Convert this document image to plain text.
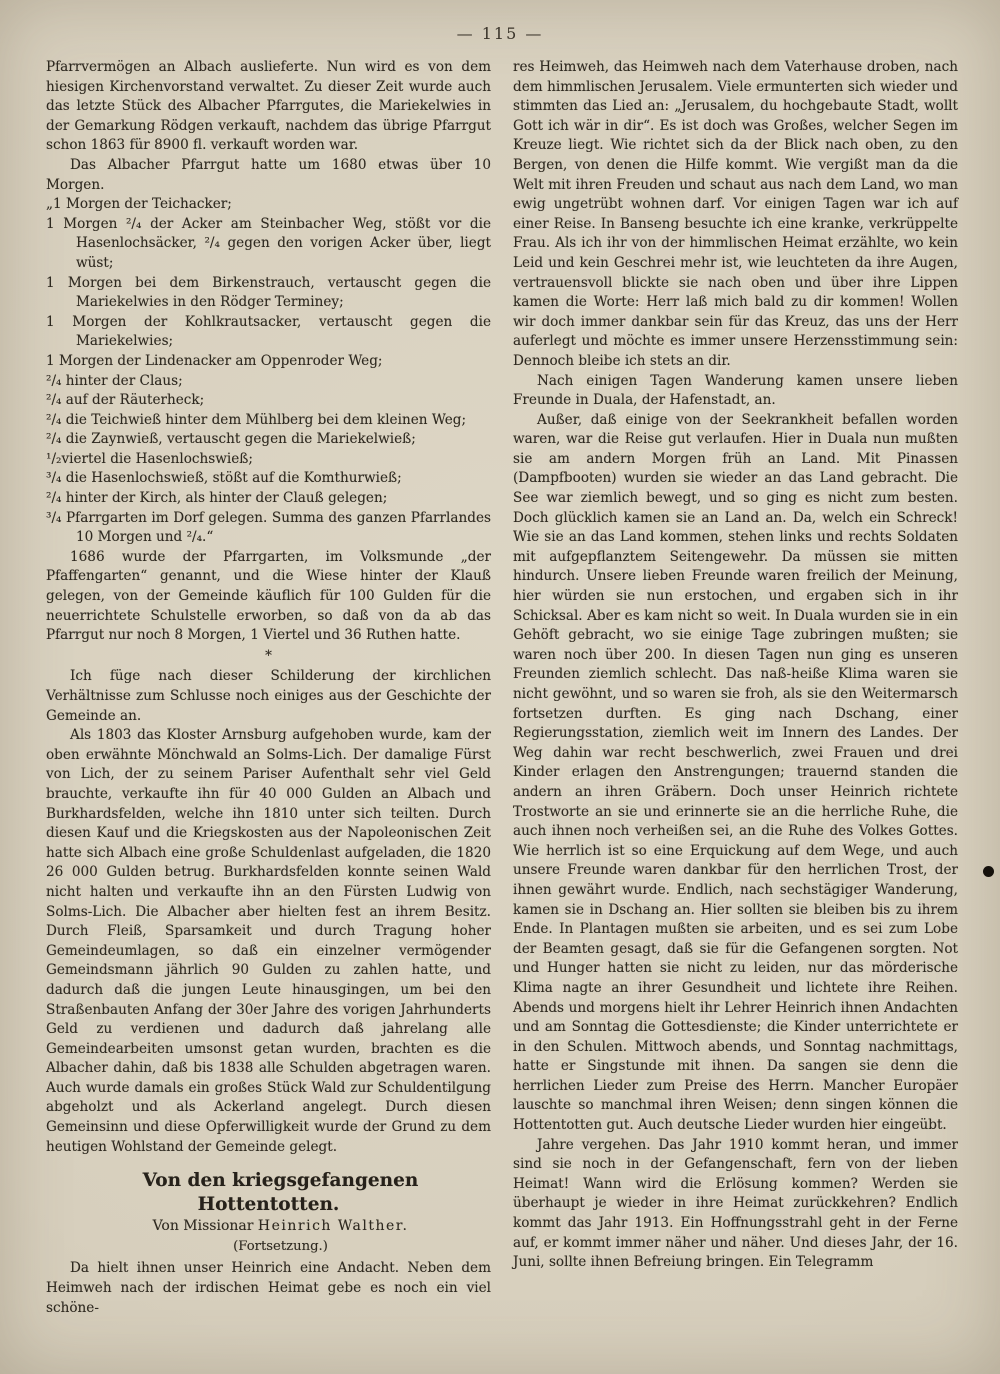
— 115 —

Pfarrvermögen an Albach auslieferte. Nun wird es von dem hiesigen Kirchenvorstand verwaltet. Zu dieser Zeit wurde auch das letzte Stück des Albacher Pfarrgutes, die Mariekelwies in der Gemarkung Rödgen verkauft, nachdem das übrige Pfarrgut schon 1863 für 8900 fl. verkauft worden war.

Das Albacher Pfarrgut hatte um 1680 etwas über 10 Morgen.

„1 Morgen der Teichacker;
1 Morgen ²/₄ der Acker am Steinbacher Weg, stößt vor die Hasenlochsäcker, ²/₄ gegen den vorigen Acker über, liegt wüst;
1 Morgen bei dem Birkenstrauch, vertauscht gegen die Mariekelwies in den Rödger Terminey;
1 Morgen der Kohlkrautsacker, vertauscht gegen die Mariekelwies;
1 Morgen der Lindenacker am Oppenroder Weg;
²/₄ hinter der Claus;
²/₄ auf der Räuterheck;
²/₄ die Teichwieß hinter dem Mühlberg bei dem kleinen Weg;
²/₄ die Zaynwieß, vertauscht gegen die Mariekelwieß;
¹/₂viertel die Hasenlochswieß;
³/₄ die Hasenlochswieß, stößt auf die Komthurwieß;
²/₄ hinter der Kirch, als hinter der Clauß gelegen;
³/₄ Pfarrgarten im Dorf gelegen. Summa des ganzen Pfarrlandes 10 Morgen und ²/₄.“

1686 wurde der Pfarrgarten, im Volksmunde „der Pfaffengarten“ genannt, und die Wiese hinter der Klauß gelegen, von der Gemeinde käuflich für 100 Gulden für die neuerrichtete Schulstelle erworben, so daß von da ab das Pfarrgut nur noch 8 Morgen, 1 Viertel und 36 Ruthen hatte.

*

Ich füge nach dieser Schilderung der kirchlichen Verhältnisse zum Schlusse noch einiges aus der Geschichte der Gemeinde an.

Als 1803 das Kloster Arnsburg aufgehoben wurde, kam der oben erwähnte Mönchwald an Solms-Lich. Der damalige Fürst von Lich, der zu seinem Pariser Aufenthalt sehr viel Geld brauchte, verkaufte ihn für 40 000 Gulden an Albach und Burkhardsfelden, welche ihn 1810 unter sich teilten. Durch diesen Kauf und die Kriegskosten aus der Napoleonischen Zeit hatte sich Albach eine große Schuldenlast aufgeladen, die 1820 26 000 Gulden betrug. Burkhardsfelden konnte seinen Wald nicht halten und verkaufte ihn an den Fürsten Ludwig von Solms-Lich. Die Albacher aber hielten fest an ihrem Besitz. Durch Fleiß, Sparsamkeit und durch Tragung hoher Gemeindeumlagen, so daß ein einzelner vermögender Gemeindsmann jährlich 90 Gulden zu zahlen hatte, und dadurch daß die jungen Leute hinausgingen, um bei den Straßenbauten Anfang der 30er Jahre des vorigen Jahrhunderts Geld zu verdienen und dadurch daß jahrelang alle Gemeindearbeiten umsonst getan wurden, brachten es die Albacher dahin, daß bis 1838 alle Schulden abgetragen waren. Auch wurde damals ein großes Stück Wald zur Schuldentilgung abgeholzt und als Ackerland angelegt. Durch diesen Gemeinsinn und diese Opferwilligkeit wurde der Grund zu dem heutigen Wohlstand der Gemeinde gelegt.

Von den kriegsgefangenen Hottentotten.

Von Missionar Heinrich Walther.

(Fortsetzung.)

Da hielt ihnen unser Heinrich eine Andacht. Neben dem Heimweh nach der irdischen Heimat gebe es noch ein viel schöne-

res Heimweh, das Heimweh nach dem Vaterhause droben, nach dem himmlischen Jerusalem. Viele ermunterten sich wieder und stimmten das Lied an: „Jerusalem, du hochgebaute Stadt, wollt Gott ich wär in dir“. Es ist doch was Großes, welcher Segen im Kreuze liegt. Wie richtet sich da der Blick nach oben, zu den Bergen, von denen die Hilfe kommt. Wie vergißt man da die Welt mit ihren Freuden und schaut aus nach dem Land, wo man ewig ungetrübt wohnen darf. Vor einigen Tagen war ich auf einer Reise. In Banseng besuchte ich eine kranke, verkrüppelte Frau. Als ich ihr von der himmlischen Heimat erzählte, wo kein Leid und kein Geschrei mehr ist, wie leuchteten da ihre Augen, vertrauensvoll blickte sie nach oben und über ihre Lippen kamen die Worte: Herr laß mich bald zu dir kommen! Wollen wir doch immer dankbar sein für das Kreuz, das uns der Herr auferlegt und möchte es immer unsere Herzensstimmung sein: Dennoch bleibe ich stets an dir.

Nach einigen Tagen Wanderung kamen unsere lieben Freunde in Duala, der Hafenstadt, an.

Außer, daß einige von der Seekrankheit befallen worden waren, war die Reise gut verlaufen. Hier in Duala nun mußten sie am andern Morgen früh an Land. Mit Pinassen (Dampfbooten) wurden sie wieder an das Land gebracht. Die See war ziemlich bewegt, und so ging es nicht zum besten. Doch glücklich kamen sie an Land an. Da, welch ein Schreck! Wie sie an das Land kommen, stehen links und rechts Soldaten mit aufgepflanztem Seitengewehr. Da müssen sie mitten hindurch. Unsere lieben Freunde waren freilich der Meinung, hier würden sie nun erstochen, und ergaben sich in ihr Schicksal. Aber es kam nicht so weit. In Duala wurden sie in ein Gehöft gebracht, wo sie einige Tage zubringen mußten; sie waren noch über 200. In diesen Tagen nun ging es unseren Freunden ziemlich schlecht. Das naß-heiße Klima waren sie nicht gewöhnt, und so waren sie froh, als sie den Weitermarsch fortsetzen durften. Es ging nach Dschang, einer Regierungsstation, ziemlich weit im Innern des Landes. Der Weg dahin war recht beschwerlich, zwei Frauen und drei Kinder erlagen den Anstrengungen; trauernd standen die andern an ihren Gräbern. Doch unser Heinrich richtete Trostworte an sie und erinnerte sie an die herrliche Ruhe, die auch ihnen noch verheißen sei, an die Ruhe des Volkes Gottes. Wie herrlich ist so eine Erquickung auf dem Wege, und auch unsere Freunde waren dankbar für den herrlichen Trost, der ihnen gewährt wurde. Endlich, nach sechstägiger Wanderung, kamen sie in Dschang an. Hier sollten sie bleiben bis zu ihrem Ende. In Plantagen mußten sie arbeiten, und es sei zum Lobe der Beamten gesagt, daß sie für die Gefangenen sorgten. Not und Hunger hatten sie nicht zu leiden, nur das mörderische Klima nagte an ihrer Gesundheit und lichtete ihre Reihen. Abends und morgens hielt ihr Lehrer Heinrich ihnen Andachten und am Sonntag die Gottesdienste; die Kinder unterrichtete er in den Schulen. Mittwoch abends, und Sonntag nachmittags, hatte er Singstunde mit ihnen. Da sangen sie denn die herrlichen Lieder zum Preise des Herrn. Mancher Europäer lauschte so manchmal ihren Weisen; denn singen können die Hottentotten gut. Auch deutsche Lieder wurden hier eingeübt.

Jahre vergehen. Das Jahr 1910 kommt heran, und immer sind sie noch in der Gefangenschaft, fern von der lieben Heimat! Wann wird die Erlösung kommen? Werden sie überhaupt je wieder in ihre Heimat zurückkehren? Endlich kommt das Jahr 1913. Ein Hoffnungsstrahl geht in der Ferne auf, er kommt immer näher und näher. Und dieses Jahr, der 16. Juni, sollte ihnen Befreiung bringen. Ein Telegramm
